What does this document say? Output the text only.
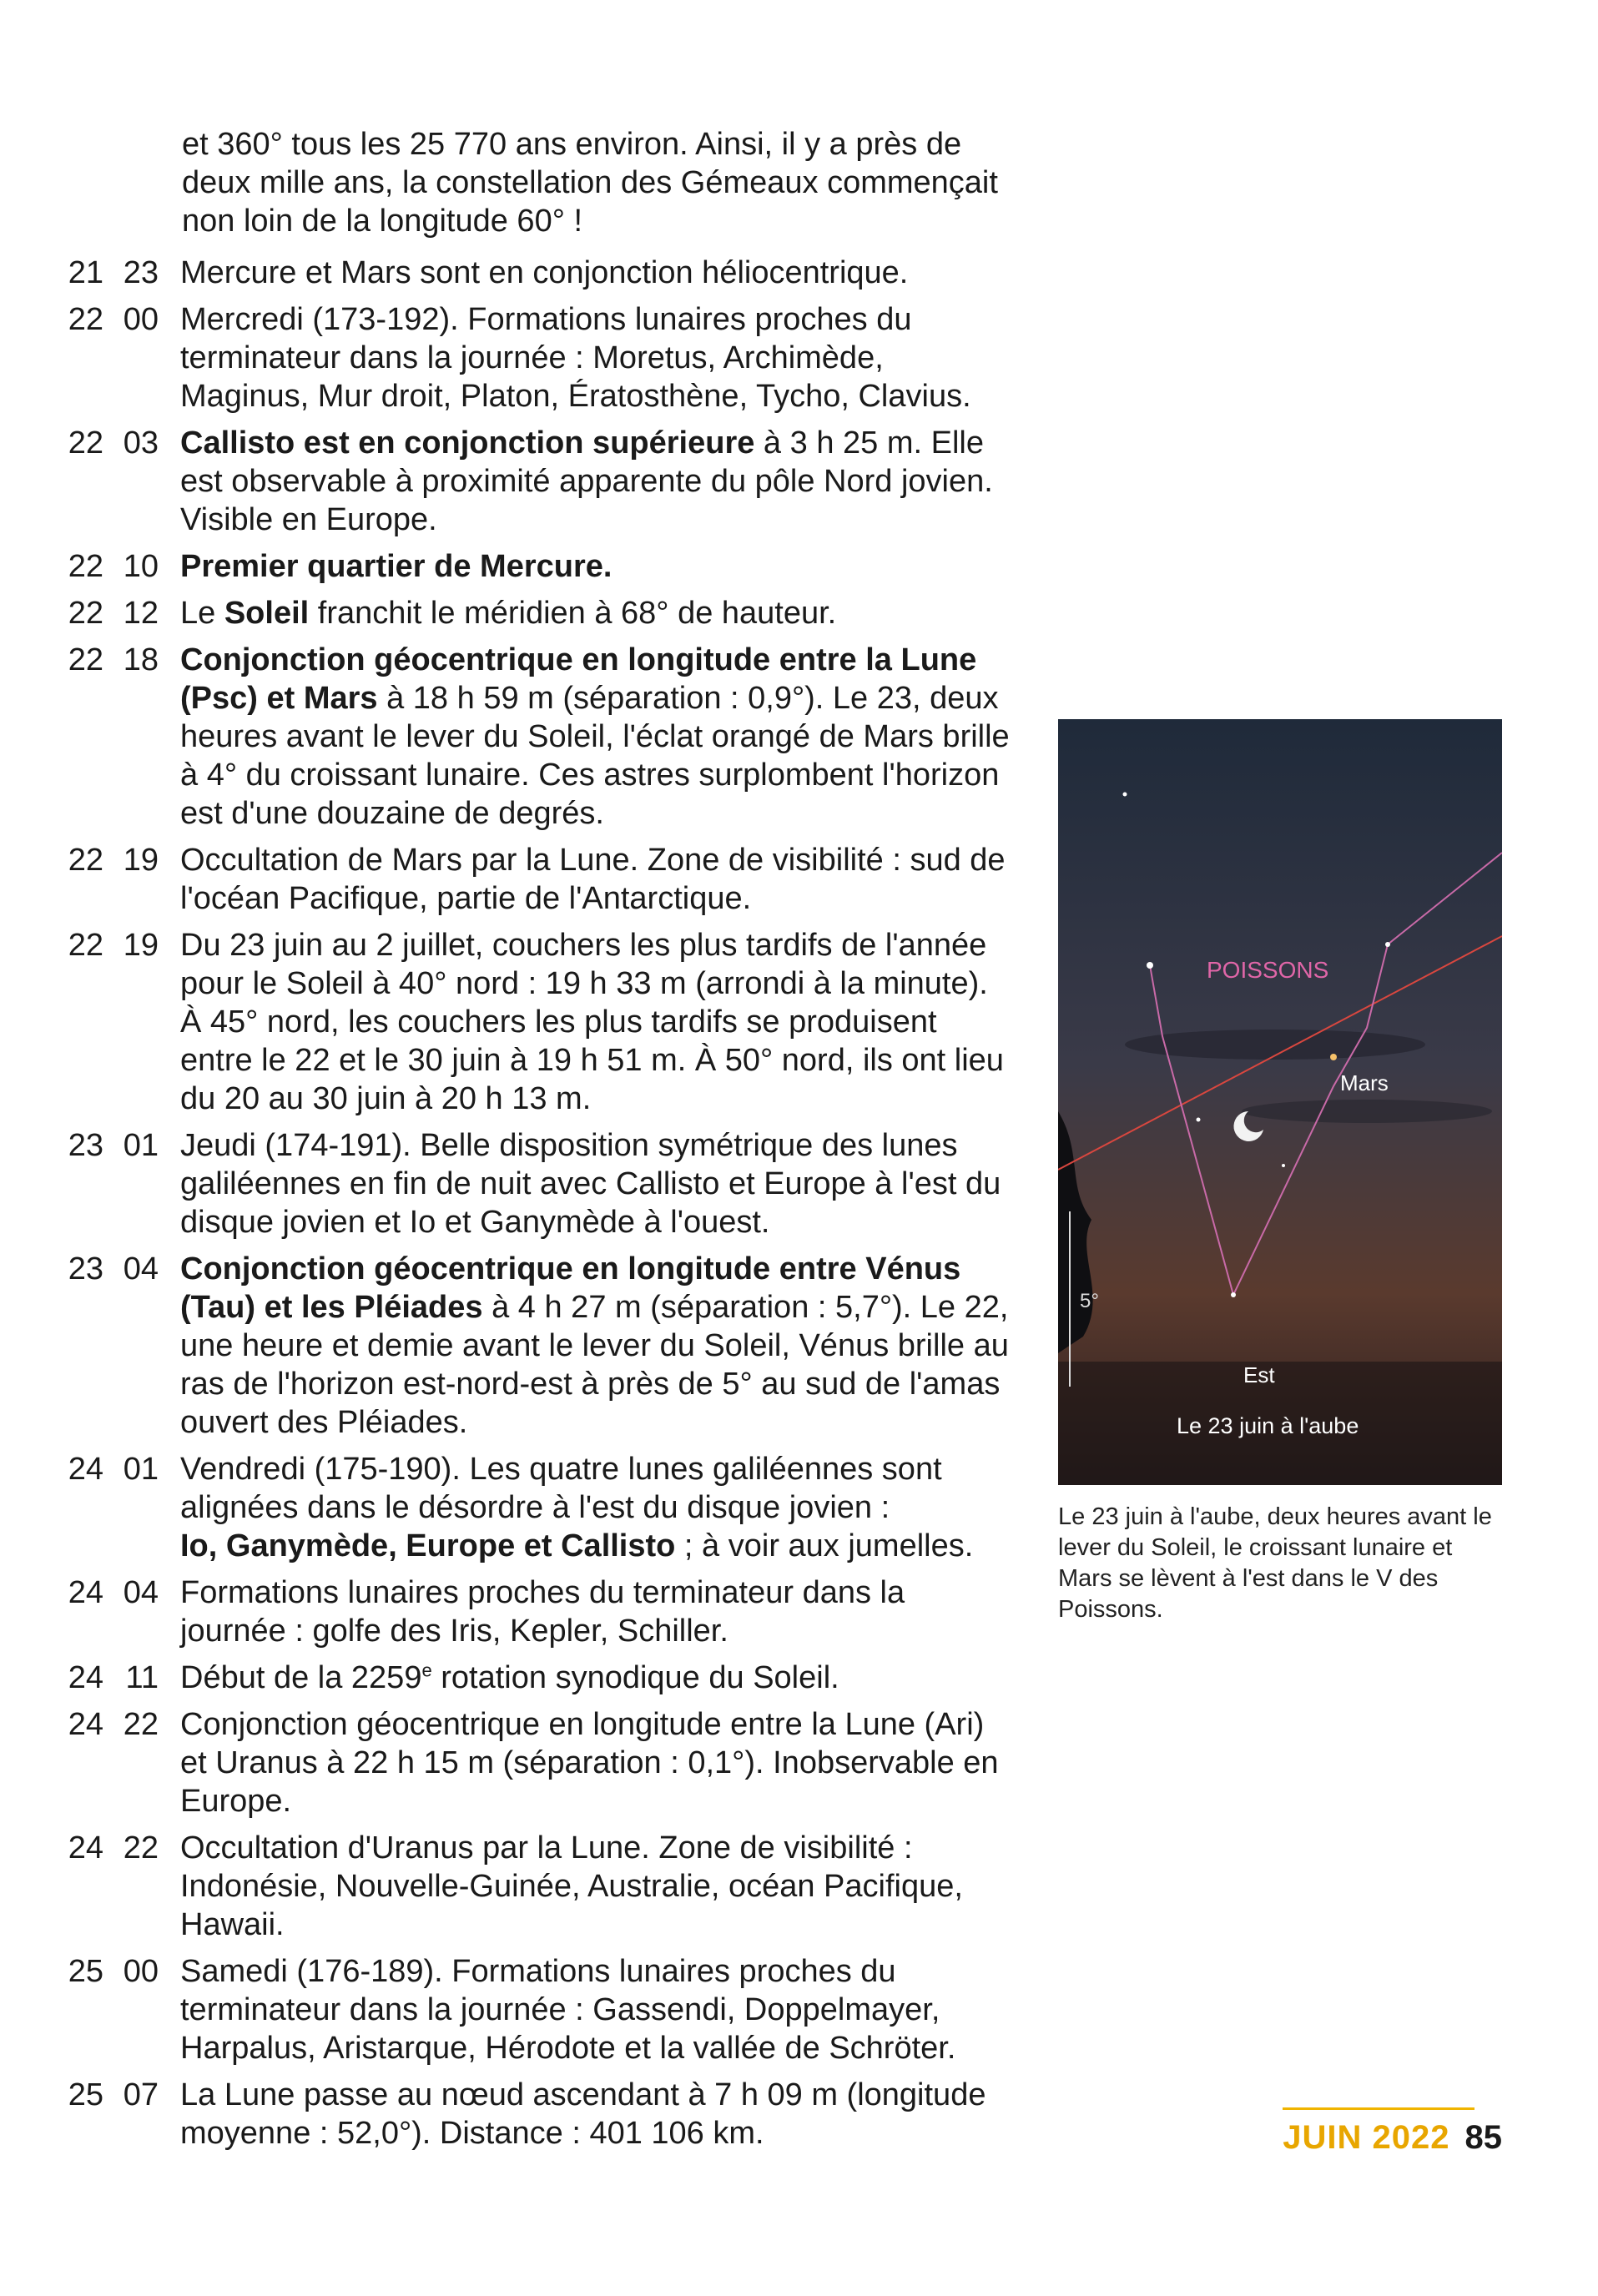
et 360° tous les 25 770 ans environ. Ainsi, il y a près de deux mille ans, la constellation des Gémeaux commençait non loin de la longitude 60° !

21 23 Mercure et Mars sont en conjonction héliocentrique.
22 00 Mercredi (173-192). Formations lunaires proches du terminateur dans la journée : Moretus, Archimède, Maginus, Mur droit, Platon, Ératosthène, Tycho, Clavius.
22 03 Callisto est en conjonction supérieure à 3 h 25 m. Elle est observable à proximité apparente du pôle Nord jovien. Visible en Europe.
22 10 Premier quartier de Mercure.
22 12 Le Soleil franchit le méridien à 68° de hauteur.
22 18 Conjonction géocentrique en longitude entre la Lune (Psc) et Mars à 18 h 59 m (séparation : 0,9°). Le 23, deux heures avant le lever du Soleil, l'éclat orangé de Mars brille à 4° du croissant lunaire. Ces astres surplombent l'horizon est d'une douzaine de degrés.
22 19 Occultation de Mars par la Lune. Zone de visibilité : sud de l'océan Pacifique, partie de l'Antarctique.
22 19 Du 23 juin au 2 juillet, couchers les plus tardifs de l'année pour le Soleil à 40° nord : 19 h 33 m (arrondi à la minute). À 45° nord, les couchers les plus tardifs se produisent entre le 22 et le 30 juin à 19 h 51 m. À 50° nord, ils ont lieu du 20 au 30 juin à 20 h 13 m.
23 01 Jeudi (174-191). Belle disposition symétrique des lunes galiléennes en fin de nuit avec Callisto et Europe à l'est du disque jovien et Io et Ganymède à l'ouest.
23 04 Conjonction géocentrique en longitude entre Vénus (Tau) et les Pléiades à 4 h 27 m (séparation : 5,7°). Le 22, une heure et demie avant le lever du Soleil, Vénus brille au ras de l'horizon est-nord-est à près de 5° au sud de l'amas ouvert des Pléiades.
24 01 Vendredi (175-190). Les quatre lunes galiléennes sont alignées dans le désordre à l'est du disque jovien :
Io, Ganymède, Europe et Callisto ; à voir aux jumelles.
24 04 Formations lunaires proches du terminateur dans la journée : golfe des Iris, Kepler, Schiller.
24 11 Début de la 2259e rotation synodique du Soleil.
24 22 Conjonction géocentrique en longitude entre la Lune (Ari) et Uranus à 22 h 15 m (séparation : 0,1°). Inobservable en Europe.
24 22 Occultation d'Uranus par la Lune. Zone de visibilité : Indonésie, Nouvelle-Guinée, Australie, océan Pacifique, Hawaii.
25 00 Samedi (176-189). Formations lunaires proches du terminateur dans la journée : Gassendi, Doppelmayer, Harpalus, Aristarque, Hérodote et la vallée de Schröter.
25 07 La Lune passe au nœud ascendant à 7 h 09 m (longitude moyenne : 52,0°). Distance : 401 106 km.
5°
POISSONS
Mars
Est
Le 23 juin à l'aube
Le 23 juin à l'aube, deux heures avant le lever du Soleil, le croissant lunaire et Mars se lèvent à l'est dans le V des Poissons.
JUIN 2022 85
